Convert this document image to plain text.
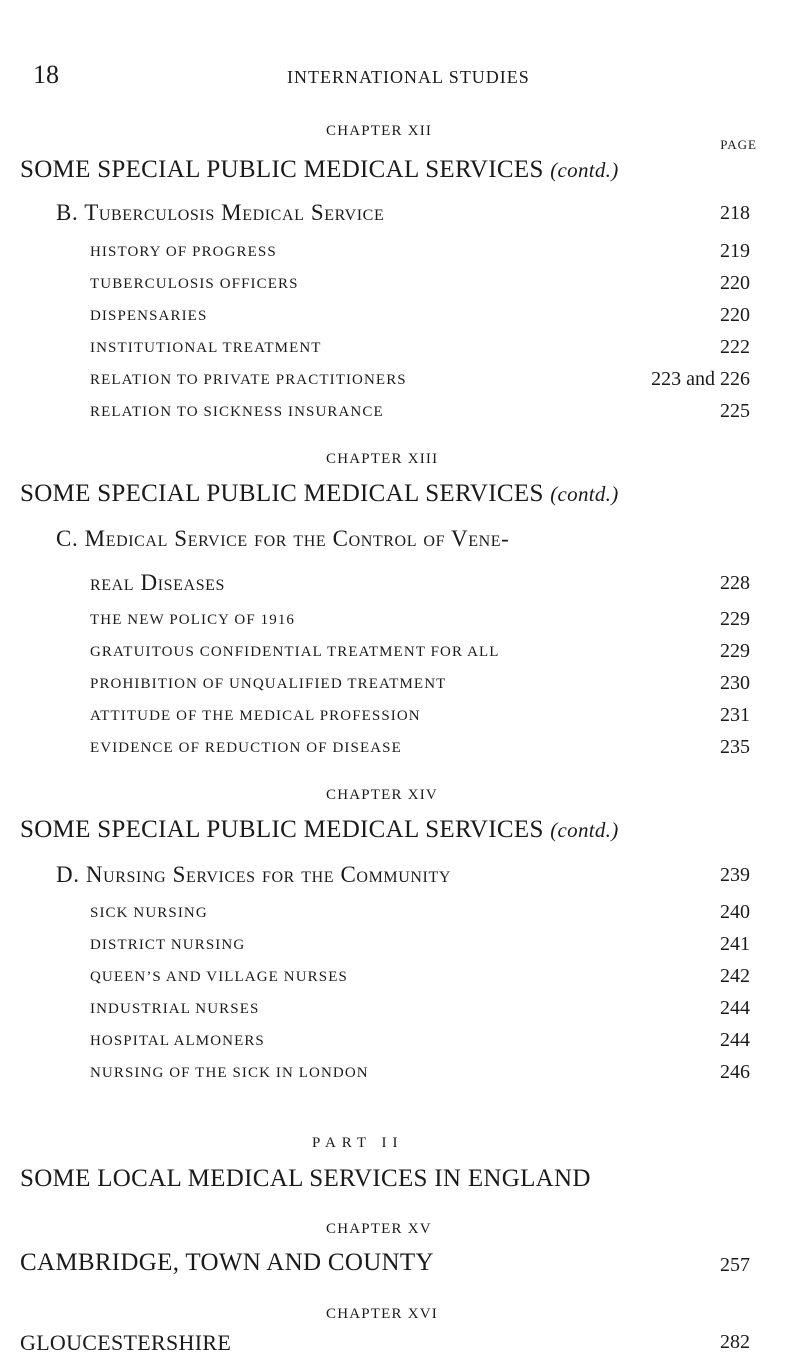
18	INTERNATIONAL STUDIES
CHAPTER XII
PAGE
SOME SPECIAL PUBLIC MEDICAL SERVICES (contd.)
B. Tuberculosis Medical Service	218
HISTORY OF PROGRESS	219
TUBERCULOSIS OFFICERS	220
DISPENSARIES	220
INSTITUTIONAL TREATMENT	222
RELATION TO PRIVATE PRACTITIONERS	223 and 226
RELATION TO SICKNESS INSURANCE	225
CHAPTER XIII
SOME SPECIAL PUBLIC MEDICAL SERVICES (contd.)
C. Medical Service for the Control of Vene-
real Diseases	228
THE NEW POLICY OF 1916	229
GRATUITOUS CONFIDENTIAL TREATMENT FOR ALL	229
PROHIBITION OF UNQUALIFIED TREATMENT	230
ATTITUDE OF THE MEDICAL PROFESSION	231
EVIDENCE OF REDUCTION OF DISEASE	235
CHAPTER XIV
SOME SPECIAL PUBLIC MEDICAL SERVICES (contd.)
D. Nursing Services for the Community	239
SICK NURSING	240
DISTRICT NURSING	241
QUEEN’S AND VILLAGE NURSES	242
INDUSTRIAL NURSES	244
HOSPITAL ALMONERS	244
NURSING OF THE SICK IN LONDON	246
PART II
SOME LOCAL MEDICAL SERVICES IN ENGLAND
CHAPTER XV
CAMBRIDGE, TOWN AND COUNTY	257
CHAPTER XVI
GLOUCESTERSHIRE	282
